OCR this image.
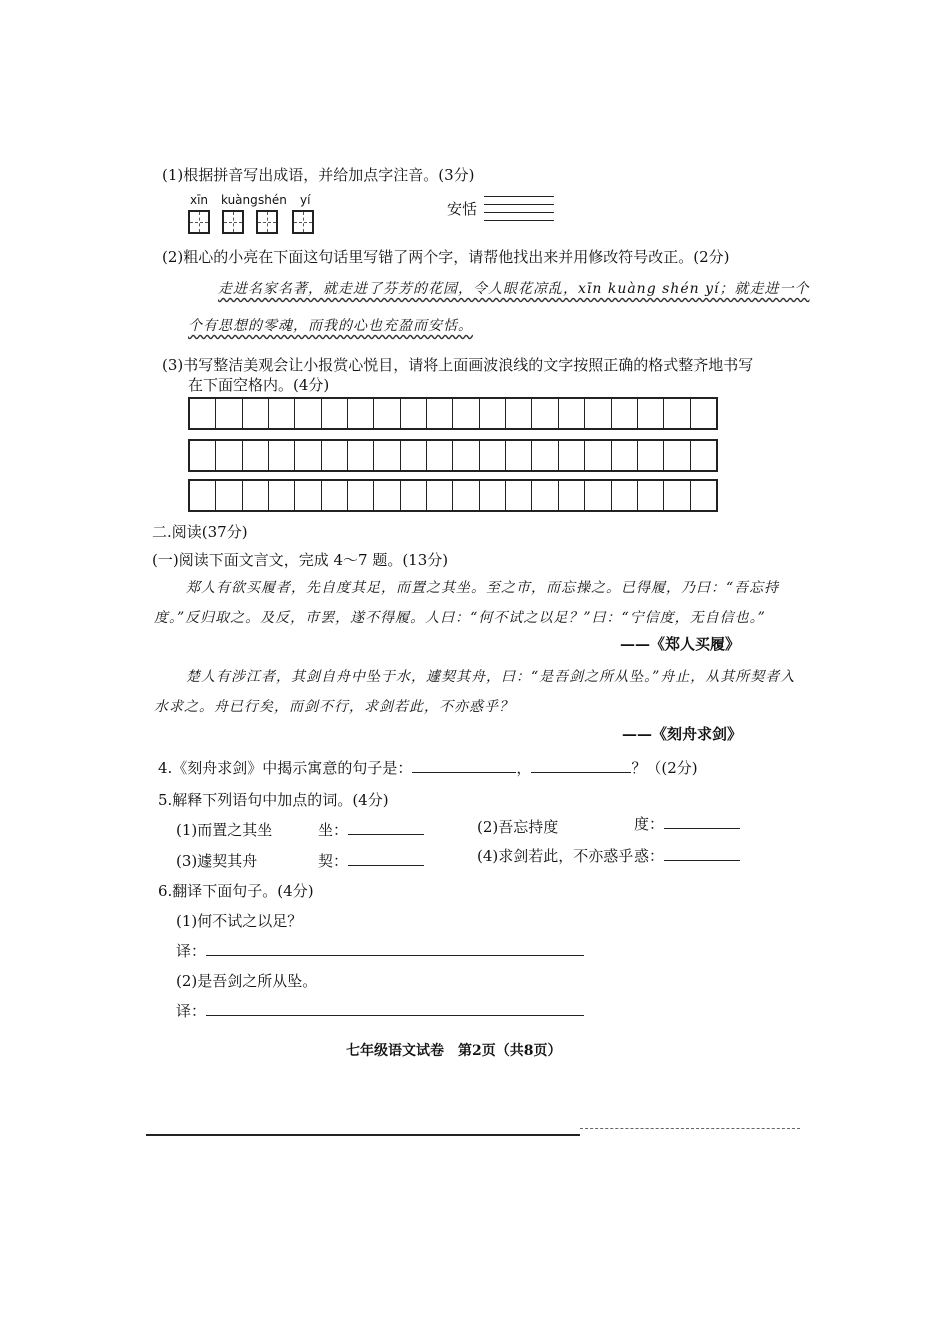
(1)根据拼音写出成语，并给加点字注音。(3分)
xīn kuàng shén yí	安恬
(2)粗心的小亮在下面这句话里写错了两个字，请帮他找出来并用修改符号改正。(2分)
走进名家名著，就走进了芬芳的花园，令人眼花凉乱，xīn kuàng shén yí；就走进一个
个有思想的零魂，而我的心也充盈而安恬。
(3)书写整洁美观会让小报赏心悦目，请将上面画波浪线的文字按照正确的格式整齐地书写
在下面空格内。(4分)
二.阅读(37分)
(一)阅读下面文言文，完成 4～7 题。(13分)
郑人有欲买履者，先自度其足，而置之其坐。至之市，而忘操之。已得履，乃曰：“吾忘持
度。”反归取之。及反，市罢，遂不得履。人曰：“何不试之以足？”曰：“宁信度，无自信也。”
——《郑人买履》
楚人有涉江者，其剑自舟中坠于水，遽契其舟，曰：“是吾剑之所从坠。”舟止，从其所契者入
水求之。舟已行矣，而剑不行，求剑若此，不亦惑乎？
——《刻舟求剑》
4.《刻舟求剑》中揭示寓意的句子是：	，	？（(2分)
5.解释下列语句中加点的词。(4分)
(1)而置之其坐	坐：	(2)吾忘持度	度：
(3)遽契其舟	契：	(4)求剑若此，不亦惑乎 惑：
6.翻译下面句子。(4分)
(1)何不试之以足？
译：
(2)是吾剑之所从坠。
译：
七年级语文试卷　第2页（共8页）
